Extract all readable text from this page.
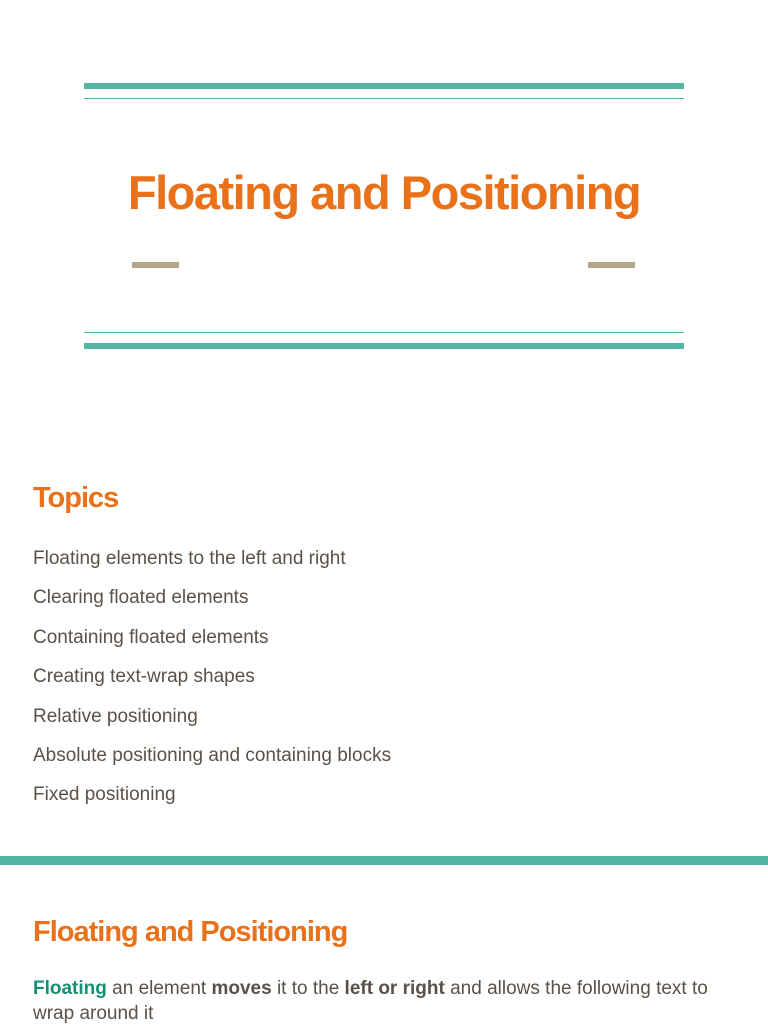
Floating and Positioning
Topics
Floating elements to the left and right
Clearing floated elements
Containing floated elements
Creating text-wrap shapes
Relative positioning
Absolute positioning and containing blocks
Fixed positioning
Floating and Positioning

Floating an element moves it to the left or right and allows the following text to wrap around it
